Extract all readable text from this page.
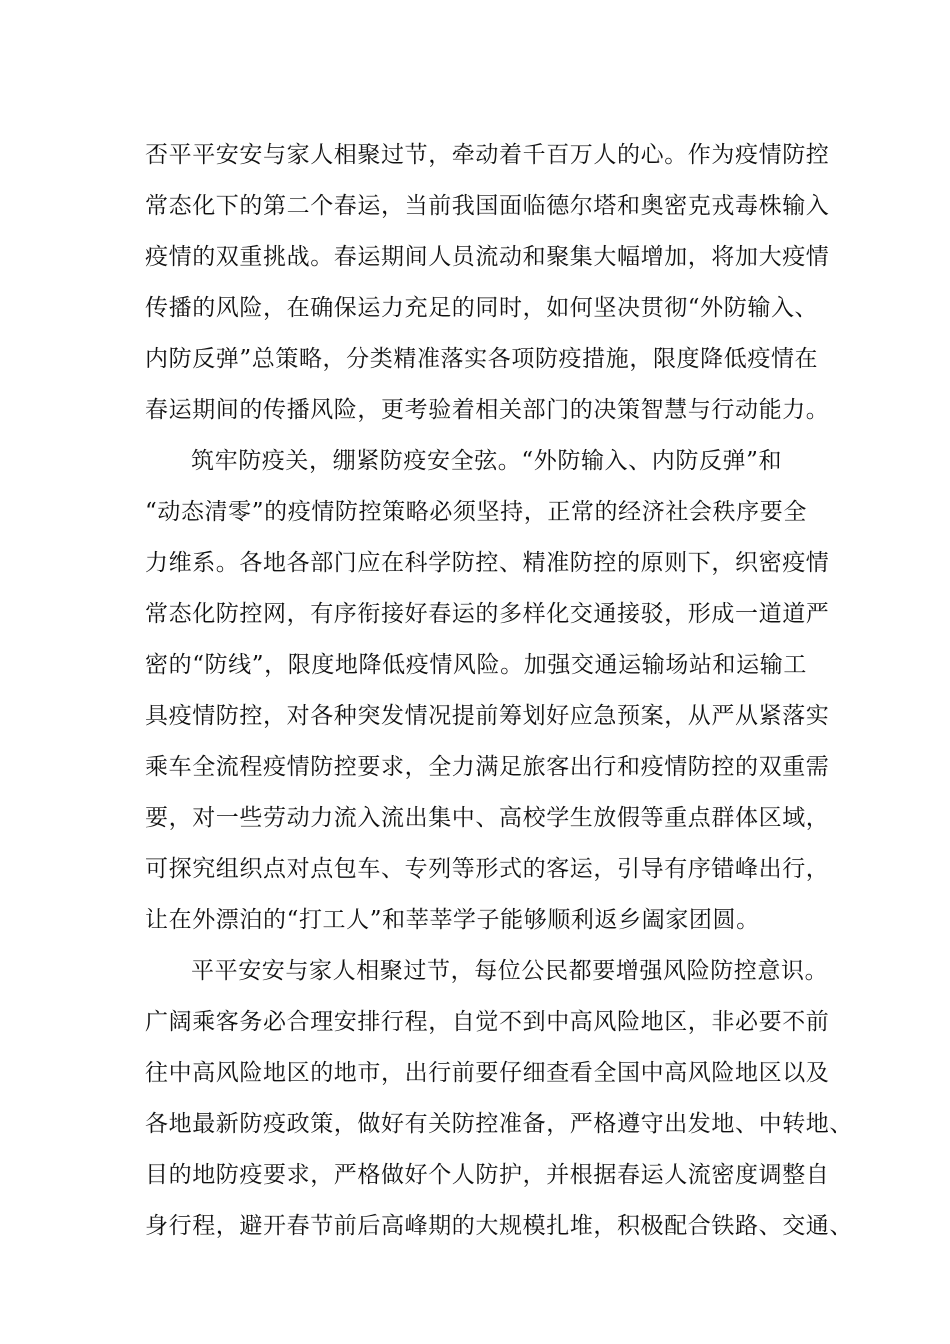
否平平安安与家人相聚过节，牵动着千百万人的心。作为疫情防控
常态化下的第二个春运，当前我国面临德尔塔和奥密克戎毒株输入
疫情的双重挑战。春运期间人员流动和聚集大幅增加，将加大疫情
传播的风险，在确保运力充足的同时，如何坚决贯彻“外防输入、
内防反弹”总策略，分类精准落实各项防疫措施，限度降低疫情在
春运期间的传播风险，更考验着相关部门的决策智慧与行动能力。
筑牢防疫关，绷紧防疫安全弦。“外防输入、内防反弹”和
“动态清零”的疫情防控策略必须坚持，正常的经济社会秩序要全
力维系。各地各部门应在科学防控、精准防控的原则下，织密疫情
常态化防控网，有序衔接好春运的多样化交通接驳，形成一道道严
密的“防线”，限度地降低疫情风险。加强交通运输场站和运输工
具疫情防控，对各种突发情况提前筹划好应急预案，从严从紧落实
乘车全流程疫情防控要求，全力满足旅客出行和疫情防控的双重需
要，对一些劳动力流入流出集中、高校学生放假等重点群体区域，
可探究组织点对点包车、专列等形式的客运，引导有序错峰出行，
让在外漂泊的“打工人”和莘莘学子能够顺利返乡阖家团圆。
平平安安与家人相聚过节，每位公民都要增强风险防控意识。
广阔乘客务必合理安排行程，自觉不到中高风险地区，非必要不前
往中高风险地区的地市，出行前要仔细查看全国中高风险地区以及
各地最新防疫政策，做好有关防控准备，严格遵守出发地、中转地、
目的地防疫要求，严格做好个人防护，并根据春运人流密度调整自
身行程，避开春节前后高峰期的大规模扎堆，积极配合铁路、交通、
